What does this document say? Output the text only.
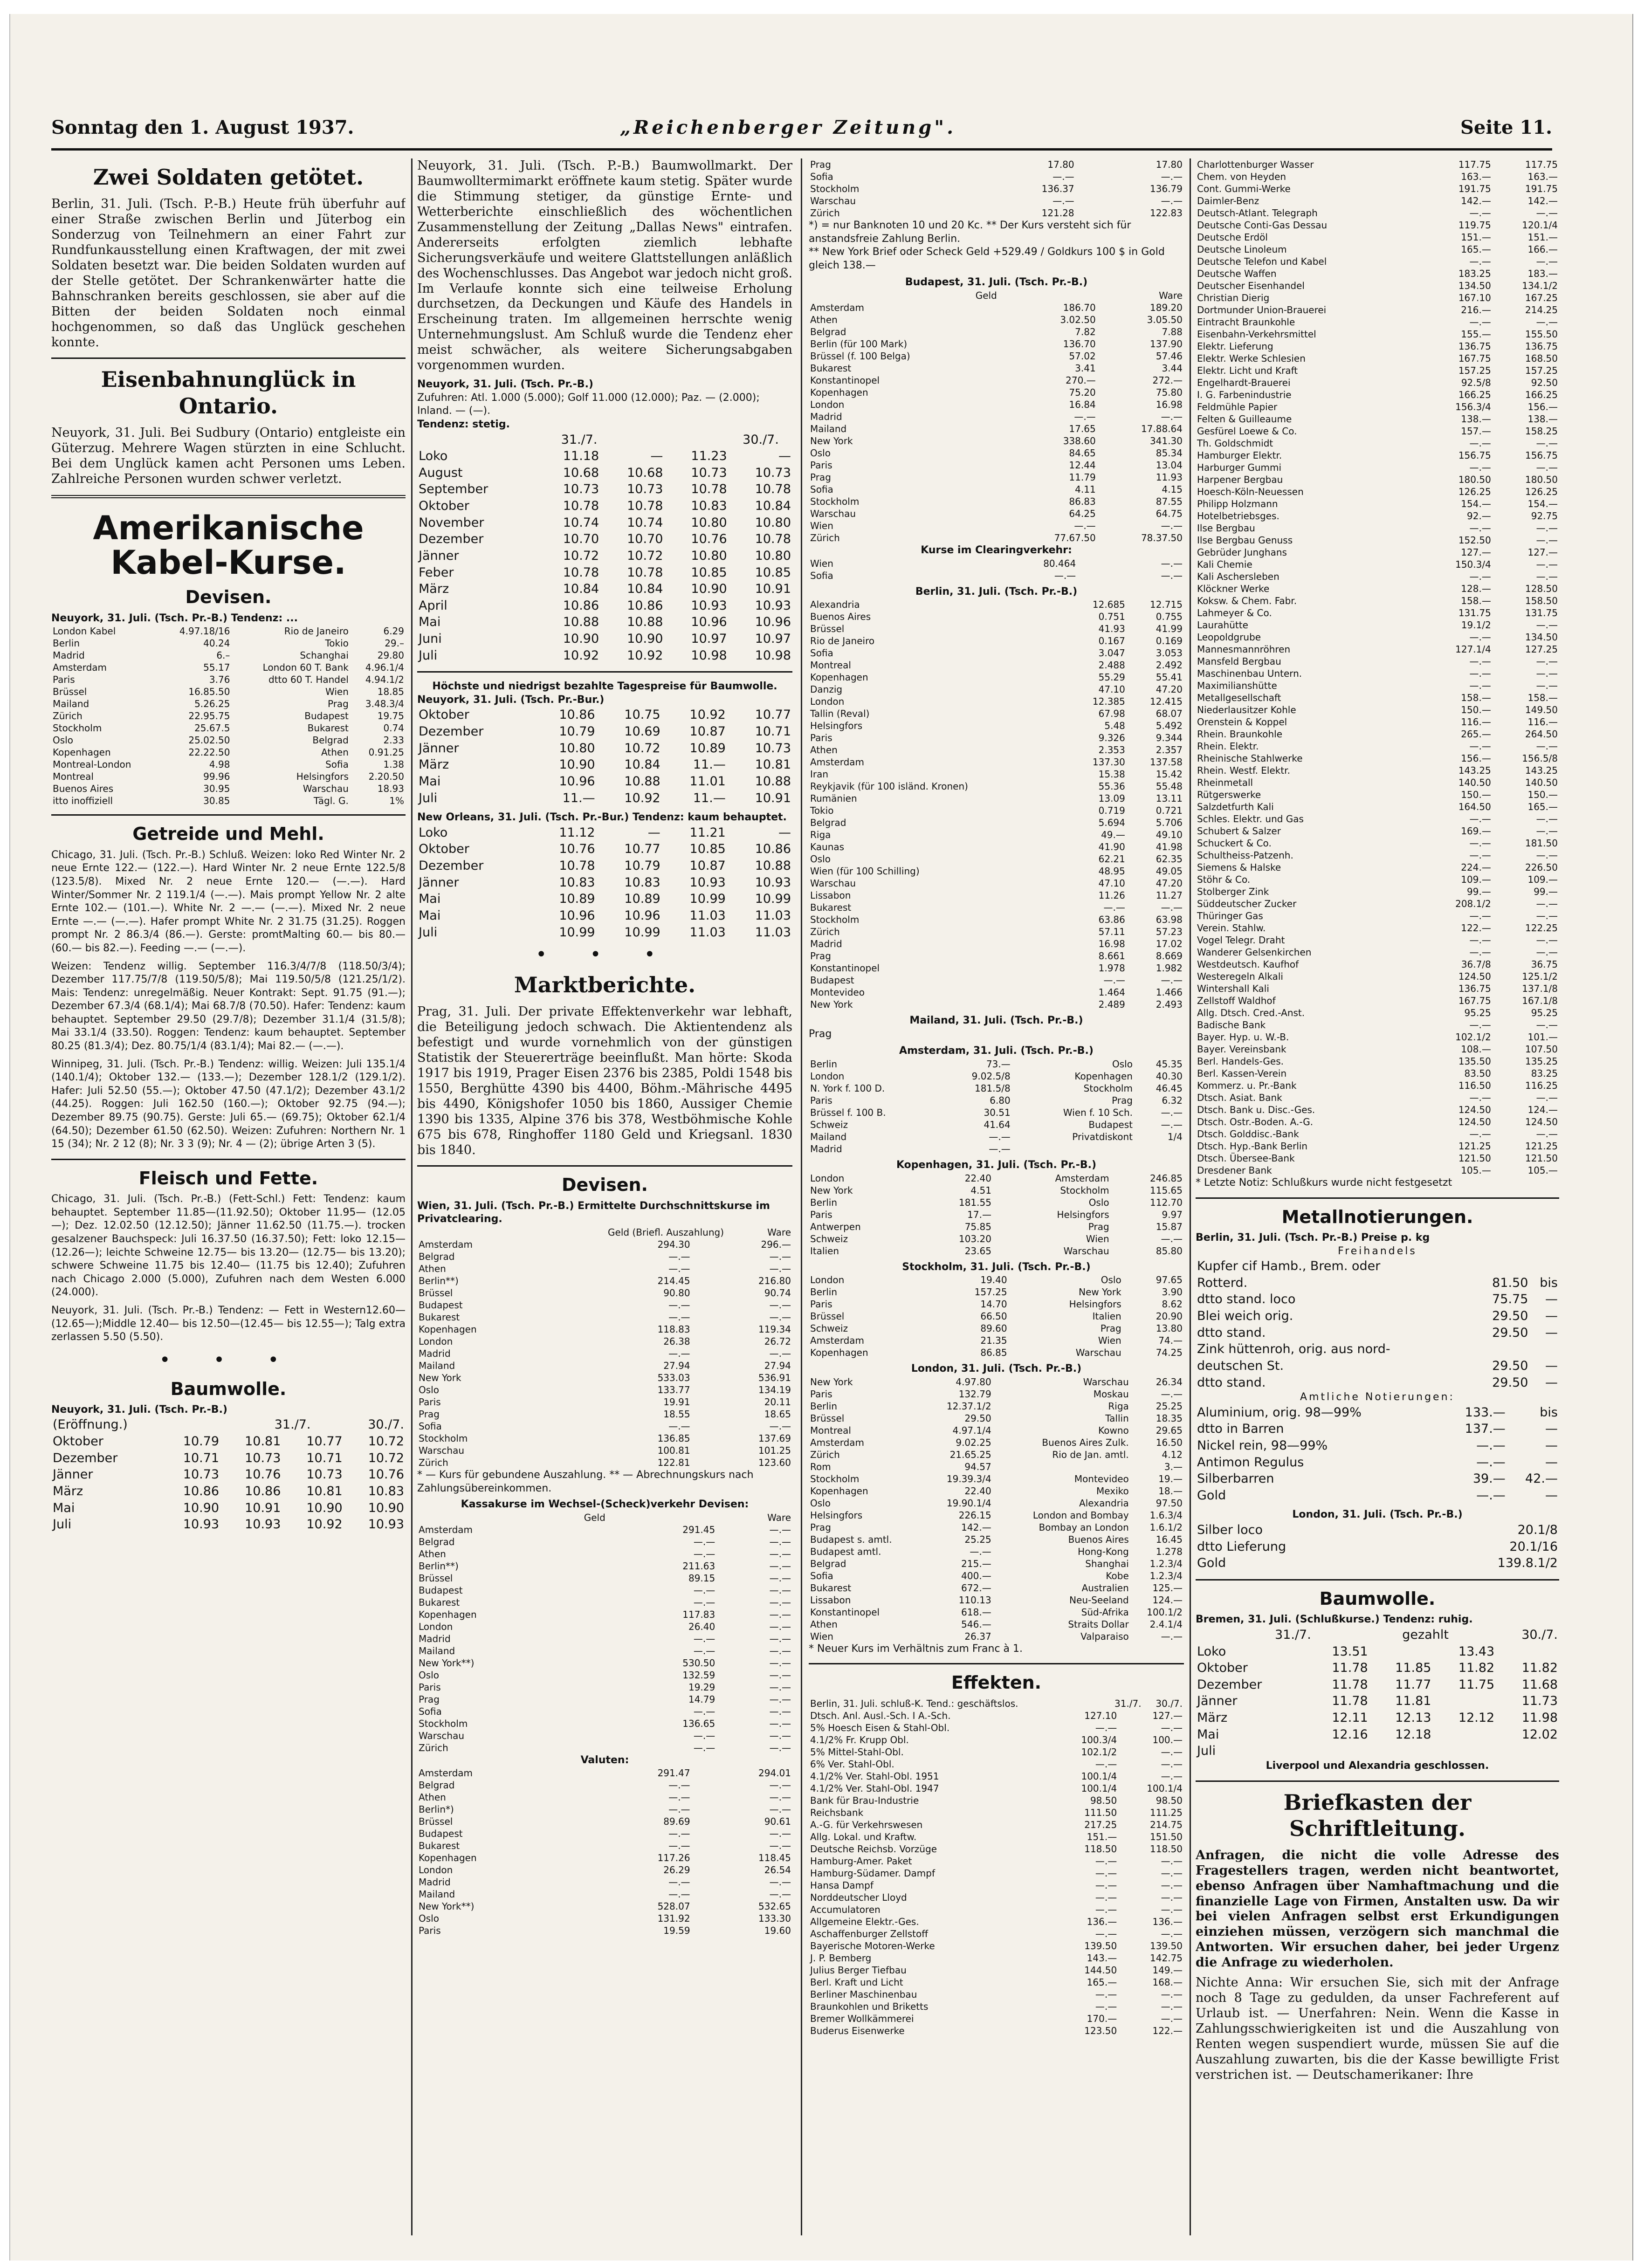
Sonntag den 1. August 1937.	„Reichenberger Zeitung".	Seite 11.
Zwei Soldaten getötet.

Berlin, 31. Juli. (Tsch. P.-B.) Heute früh überfuhr auf einer Straße zwischen Berlin und Jüterbog ein Sonderzug von Teilnehmern an einer Fahrt zur Rundfunkausstellung einen Kraftwagen, der mit zwei Soldaten besetzt war. Die beiden Soldaten wurden auf der Stelle getötet. Der Schrankenwärter hatte die Bahnschranken bereits geschlossen, sie aber auf die Bitten der beiden Soldaten noch einmal hochgenommen, so daß das Unglück geschehen konnte.

Eisenbahnunglück in Ontario.

Neuyork, 31. Juli. Bei Sudbury (Ontario) entgleiste ein Güterzug. Mehrere Wagen stürzten in eine Schlucht. Bei dem Unglück kamen acht Personen ums Leben. Zahlreiche Personen wurden schwer verletzt.

Amerikanische Kabel-Kurse.
Devisen.
Neuyork, 31. Juli. (Tsch. Pr.-B.) Tendenz: ...
London Kabel	4.97.18/16	Rio de Janeiro	6.29
Berlin	40.24	Tokio	29.–
Madrid	6.–	Schanghai	29.80
Amsterdam	55.17	London 60 T. Bank	4.96.1/4
Paris	3.76	dtto 60 T. Handel	4.94.1/2
Brüssel	16.85.50	Wien	18.85
Mailand	5.26.25	Prag	3.48.3/4
Zürich	22.95.75	Budapest	19.75
Stockholm	25.67.5	Bukarest	0.74
Oslo	25.02.50	Belgrad	2.33
Kopenhagen	22.22.50	Athen	0.91.25
Montreal-London	4.98	Sofia	1.38
Montreal	99.96	Helsingfors	2.20.50
Buenos Aires	30.95	Warschau	18.93
itto inoffiziell	30.85	Tägl. G.	1%
Getreide und Mehl.

Chicago, 31. Juli. (Tsch. Pr.-B.) Schluß. Weizen: loko Red Winter Nr. 2 neue Ernte 122.— (122.—). Hard Winter Nr. 2 neue Ernte 122.5/8 (123.5/8). Mixed Nr. 2 neue Ernte 120.— (—.—). Hard Winter/Sommer Nr. 2 119.1/4 (—.—). Mais prompt Yellow Nr. 2 alte Ernte 102.— (101.—). White Nr. 2 —.— (—.—). Mixed Nr. 2 neue Ernte —.— (—.—). Hafer prompt White Nr. 2 31.75 (31.25). Roggen prompt Nr. 2 86.3/4 (86.—). Gerste: promtMalting 60.— bis 80.— (60.— bis 82.—). Feeding —.— (—.—).

Weizen: Tendenz willig. September 116.3/4/7/8 (118.50/3/4); Dezember 117.75/7/8 (119.50/5/8); Mai 119.50/5/8 (121.25/1/2). Mais: Tendenz: unregelmäßig. Neuer Kontrakt: Sept. 91.75 (91.—); Dezember 67.3/4 (68.1/4); Mai 68.7/8 (70.50). Hafer: Tendenz: kaum behauptet. September 29.50 (29.7/8); Dezember 31.1/4 (31.5/8); Mai 33.1/4 (33.50). Roggen: Tendenz: kaum behauptet. September 80.25 (81.3/4); Dez. 80.75/1/4 (83.1/4); Mai 82.— (—.—).

Winnipeg, 31. Juli. (Tsch. Pr.-B.) Tendenz: willig. Weizen: Juli 135.1/4 (140.1/4); Oktober 132.— (133.—); Dezember 128.1/2 (129.1/2). Hafer: Juli 52.50 (55.—); Oktober 47.50 (47.1/2); Dezember 43.1/2 (44.25). Roggen: Juli 162.50 (160.—); Oktober 92.75 (94.—); Dezember 89.75 (90.75). Gerste: Juli 65.— (69.75); Oktober 62.1/4 (64.50); Dezember 61.50 (62.50). Weizen: Zufuhren: Northern Nr. 1 15 (34); Nr. 2 12 (8); Nr. 3 3 (9); Nr. 4 — (2); übrige Arten 3 (5).

Fleisch und Fette.

Chicago, 31. Juli. (Tsch. Pr.-B.) (Fett-Schl.) Fett: Tendenz: kaum behauptet. September 11.85—(11.92.50); Oktober 11.95— (12.05—); Dez. 12.02.50 (12.12.50); Jänner 11.62.50 (11.75.—). trocken gesalzener Bauchspeck: Juli 16.37.50 (16.37.50); Fett: loko 12.15— (12.26—); leichte Schweine 12.75— bis 13.20— (12.75— bis 13.20); schwere Schweine 11.75 bis 12.40— (11.75 bis 12.40); Zufuhren nach Chicago 2.000 (5.000), Zufuhren nach dem Westen 6.000 (24.000).

Neuyork, 31. Juli. (Tsch. Pr.-B.) Tendenz: — Fett in Western12.60—(12.65—);Middle 12.40— bis 12.50—(12.45— bis 12.55—); Talg extra zerlassen 5.50 (5.50).

• • •
Baumwolle.
Neuyork, 31. Juli. (Tsch. Pr.-B.)
(Eröffnung.)	31./7.		30./7.
Oktober	10.79	10.81	10.77	10.72
Dezember	10.71	10.73	10.71	10.72
Jänner	10.73	10.76	10.73	10.76
März	10.86	10.86	10.81	10.83
Mai	10.90	10.91	10.90	10.90
Juli	10.93	10.93	10.92	10.93

Neuyork, 31. Juli. (Tsch. P.-B.) Baumwollmarkt. Der Baumwolltermimarkt eröffnete kaum stetig. Später wurde die Stimmung stetiger, da günstige Ernte- und Wetterberichte einschließlich des wöchentlichen Zusammenstellung der Zeitung „Dallas News" eintrafen. Andererseits erfolgten ziemlich lebhafte Sicherungsverkäufe und weitere Glattstellungen anläßlich des Wochenschlusses. Das Angebot war jedoch nicht groß. Im Verlaufe konnte sich eine teilweise Erholung durchsetzen, da Deckungen und Käufe des Handels in Erscheinung traten. Im allgemeinen herrschte wenig Unternehmungslust. Am Schluß wurde die Tendenz eher meist schwächer, als weitere Sicherungsabgaben vorgenommen wurden.

Neuyork, 31. Juli. (Tsch. Pr.-B.)
Zufuhren: Atl. 1.000 (5.000); Golf 11.000 (12.000); Paz. — (2.000); Inland. — (—).
Tendenz: stetig.
	31./7.		30./7.	
Loko	11.18	—	11.23	—
August	10.68	10.68	10.73	10.73
September	10.73	10.73	10.78	10.78
Oktober	10.78	10.78	10.83	10.84
November	10.74	10.74	10.80	10.80
Dezember	10.70	10.70	10.76	10.78
Jänner	10.72	10.72	10.80	10.80
Feber	10.78	10.78	10.85	10.85
März	10.84	10.84	10.90	10.91
April	10.86	10.86	10.93	10.93
Mai	10.88	10.88	10.96	10.96
Juni	10.90	10.90	10.97	10.97
Juli	10.92	10.92	10.98	10.98
Höchste und niedrigst bezahlte Tagespreise für Baumwolle.
Neuyork, 31. Juli. (Tsch. Pr.-Bur.)
Oktober	10.86	10.75	10.92	10.77
Dezember	10.79	10.69	10.87	10.71
Jänner	10.80	10.72	10.89	10.73
März	10.90	10.84	11.—	10.81
Mai	10.96	10.88	11.01	10.88
Juli	11.—	10.92	11.—	10.91
New Orleans, 31. Juli. (Tsch. Pr.-Bur.) Tendenz: kaum behauptet.
Loko	11.12	—	11.21	—
Oktober	10.76	10.77	10.85	10.86
Dezember	10.78	10.79	10.87	10.88
Jänner	10.83	10.83	10.93	10.93
Mai	10.89	10.89	10.99	10.99
Mai	10.96	10.96	11.03	11.03
Juli	10.99	10.99	11.03	11.03
• • •
Marktberichte.

Prag, 31. Juli. Der private Effektenverkehr war lebhaft, die Beteiligung jedoch schwach. Die Aktientendenz als befestigt und wurde vornehmlich von der günstigen Statistik der Steuererträge beeinflußt. Man hörte: Skoda 1917 bis 1919, Prager Eisen 2376 bis 2385, Poldi 1548 bis 1550, Berghütte 4390 bis 4400, Böhm.-Mährische 4495 bis 4490, Königshofer 1050 bis 1860, Aussiger Chemie 1390 bis 1335, Alpine 376 bis 378, Westböhmische Kohle 675 bis 678, Ringhoffer 1180 Geld und Kriegsanl. 1830 bis 1840.

Devisen.
Wien, 31. Juli. (Tsch. Pr.-B.) Ermittelte Durchschnittskurse im Privatclearing.
	Geld (Briefl. Auszahlung)	Ware
Amsterdam	294.30	296.—
Belgrad	—.—	—.—
Athen	—.—	—.—
Berlin**)	214.45	216.80
Brüssel	90.80	90.74
Budapest	—.—	—.—
Bukarest	—.—	—.—
Kopenhagen	118.83	119.34
London	26.38	26.72
Madrid	—.—	—.—
Mailand	27.94	27.94
New York	533.03	536.91
Oslo	133.77	134.19
Paris	19.91	20.11
Prag	18.55	18.65
Sofia	—.—	—.—
Stockholm	136.85	137.69
Warschau	100.81	101.25
Zürich	122.81	123.60
* — Kurs für gebundene Auszahlung. ** — Abrechnungskurs nach Zahlungsübereinkommen.
Kassakurse im Wechsel-(Scheck)verkehr Devisen:
	Geld	Ware
Amsterdam	291.45	—.—
Belgrad	—.—	—.—
Athen	—.—	—.—
Berlin**)	211.63	—.—
Brüssel	89.15	—.—
Budapest	—.—	—.—
Bukarest	—.—	—.—
Kopenhagen	117.83	—.—
London	26.40	—.—
Madrid	—.—	—.—
Mailand	—.—	—.—
New York**)	530.50	—.—
Oslo	132.59	—.—
Paris	19.29	—.—
Prag	14.79	—.—
Sofia	—.—	—.—
Stockholm	136.65	—.—
Warschau	—.—	—.—
Zürich	—.—	—.—
Valuten:
Amsterdam	291.47	294.01
Belgrad	—.—	—.—
Athen	—.—	—.—
Berlin*)	—.—	—.—
Brüssel	89.69	90.61
Budapest	—.—	—.—
Bukarest	—.—	—.—
Kopenhagen	117.26	118.45
London	26.29	26.54
Madrid	—.—	—.—
Mailand	—.—	—.—
New York**)	528.07	532.65
Oslo	131.92	133.30
Paris	19.59	19.60
Prag	17.80	17.80
Sofia	—.—	—.—
Stockholm	136.37	136.79
Warschau	—.—	—.—
Zürich	121.28	122.83
*) = nur Banknoten 10 und 20 Kc. ** Der Kurs versteht sich für anstandsfreie Zahlung Berlin.
** New York Brief oder Scheck Geld +529.49 / Goldkurs 100 $ in Gold gleich 138.—
Budapest, 31. Juli. (Tsch. Pr.-B.)
	Geld	Ware
Amsterdam	186.70	189.20
Athen	3.02.50	3.05.50
Belgrad	7.82	7.88
Berlin (für 100 Mark)	136.70	137.90
Brüssel (f. 100 Belga)	57.02	57.46
Bukarest	3.41	3.44
Konstantinopel	270.—	272.—
Kopenhagen	75.20	75.80
London	16.84	16.98
Madrid	—.—	—.—
Mailand	17.65	17.88.64
New York	338.60	341.30
Oslo	84.65	85.34
Paris	12.44	13.04
Prag	11.79	11.93
Sofia	4.11	4.15
Stockholm	86.83	87.55
Warschau	64.25	64.75
Wien	—.—	—.—
Zürich	77.67.50	78.37.50
Kurse im Clearingverkehr:
Wien	80.464	—.—
Sofia	—.—	—.—
Berlin, 31. Juli. (Tsch. Pr.-B.)
Alexandria	12.685	12.715
Buenos Aires	0.751	0.755
Brüssel	41.93	41.99
Rio de Janeiro	0.167	0.169
Sofia	3.047	3.053
Montreal	2.488	2.492
Kopenhagen	55.29	55.41
Danzig	47.10	47.20
London	12.385	12.415
Tallin (Reval)	67.98	68.07
Helsingfors	5.48	5.492
Paris	9.326	9.344
Athen	2.353	2.357
Amsterdam	137.30	137.58
Iran	15.38	15.42
Reykjavik (für 100 isländ. Kronen)	55.36	55.48
Rumänien	13.09	13.11
Tokio	0.719	0.721
Belgrad	5.694	5.706
Riga	49.—	49.10
Kaunas	41.90	41.98
Oslo	62.21	62.35
Wien (für 100 Schilling)	48.95	49.05
Warschau	47.10	47.20
Lissabon	11.26	11.27
Bukarest	—.—	—.—
Stockholm	63.86	63.98
Zürich	57.11	57.23
Madrid	16.98	17.02
Prag	8.661	8.669
Konstantinopel	1.978	1.982
Budapest	—.—	—.—
Montevideo	1.464	1.466
New York	2.489	2.493
Mailand, 31. Juli. (Tsch. Pr.-B.)
Prag
Amsterdam, 31. Juli. (Tsch. Pr.-B.)
Berlin	73.—	Oslo	45.35
London	9.02.5/8	Kopenhagen	40.30
N. York f. 100 D.	181.5/8	Stockholm	46.45
Paris	6.80	Prag	6.32
Brüssel f. 100 B.	30.51	Wien f. 10 Sch.	—.—
Schweiz	41.64	Budapest	—.—
Mailand	—.—	Privatdiskont	1/4
Madrid	—.—		
Kopenhagen, 31. Juli. (Tsch. Pr.-B.)
London	22.40	Amsterdam	246.85
New York	4.51	Stockholm	115.65
Berlin	181.55	Oslo	112.70
Paris	17.—	Helsingfors	9.97
Antwerpen	75.85	Prag	15.87
Schweiz	103.20	Wien	—.—
Italien	23.65	Warschau	85.80
Stockholm, 31. Juli. (Tsch. Pr.-B.)
London	19.40	Oslo	97.65
Berlin	157.25	New York	3.90
Paris	14.70	Helsingfors	8.62
Brüssel	66.50	Italien	20.90
Schweiz	89.60	Prag	13.80
Amsterdam	21.35	Wien	74.—
Kopenhagen	86.85	Warschau	74.25
London, 31. Juli. (Tsch. Pr.-B.)
New York	4.97.80	Warschau	26.34
Paris	132.79	Moskau	—.—
Berlin	12.37.1/2	Riga	25.25
Brüssel	29.50	Tallin	18.35
Montreal	4.97.1/4	Kowno	29.65
Amsterdam	9.02.25	Buenos Aires Zulk.	16.50
Zürich	21.65.25	Rio de Jan. amtl.	4.12
Rom	94.57		3.—
Stockholm	19.39.3/4	Montevideo	19.—
Kopenhagen	22.40	Mexiko	18.—
Oslo	19.90.1/4	Alexandria	97.50
Helsingfors	226.15	London and Bombay	1.6.3/4
Prag	142.—	Bombay an London	1.6.1/2
Budapest s. amtl.	25.25	Buenos Aires	16.45
Budapest amtl.	—.—	Hong-Kong	1.278
Belgrad	215.—	Shanghai	1.2.3/4
Sofia	400.—	Kobe	1.2.3/4
Bukarest	672.—	Australien	125.—
Lissabon	110.13	Neu-Seeland	124.—
Konstantinopel	618.—	Süd-Afrika	100.1/2
Athen	546.—	Straits Dollar	2.4.1/4
Wien	26.37	Valparaiso	—.—
* Neuer Kurs im Verhältnis zum Franc à 1.
Effekten.
Berlin, 31. Juli. schluß-K. Tend.: geschäftslos.	31./7.	30./7.
Dtsch. Anl. Ausl.-Sch. I A.-Sch.	127.10	127.—
5% Hoesch Eisen & Stahl-Obl.	—.—	—.—
4.1/2% Fr. Krupp Obl.	100.3/4	100.—
5% Mittel-Stahl-Obl.	102.1/2	—.—
6% Ver. Stahl-Obl.	—.—	—.—
4.1/2% Ver. Stahl-Obl. 1951	100.1/4	—.—
4.1/2% Ver. Stahl-Obl. 1947	100.1/4	100.1/4
Bank für Brau-Industrie	98.50	98.50
Reichsbank	111.50	111.25
A.-G. für Verkehrswesen	217.25	214.75
Allg. Lokal. und Kraftw.	151.—	151.50
Deutsche Reichsb. Vorzüge	118.50	118.50
Hamburg-Amer. Paket	—.—	—.—
Hamburg-Südamer. Dampf	—.—	—.—
Hansa Dampf	—.—	—.—
Norddeutscher Lloyd	—.—	—.—
Accumulatoren	—.—	—.—
Allgemeine Elektr.-Ges.	136.—	136.—
Aschaffenburger Zellstoff	—.—	—.—
Bayerische Motoren-Werke	139.50	139.50
J. P. Bemberg	143.—	142.75
Julius Berger Tiefbau	144.50	149.—
Berl. Kraft und Licht	165.—	168.—
Berliner Maschinenbau	—.—	—.—
Braunkohlen und Briketts	—.—	—.—
Bremer Wollkämmerei	170.—	—.—
Buderus Eisenwerke	123.50	122.—
Charlottenburger Wasser	117.75	117.75
Chem. von Heyden	163.—	163.—
Cont. Gummi-Werke	191.75	191.75
Daimler-Benz	142.—	142.—
Deutsch-Atlant. Telegraph	—.—	—.—
Deutsche Conti-Gas Dessau	119.75	120.1/4
Deutsche Erdöl	151.—	151.—
Deutsche Linoleum	165.—	166.—
Deutsche Telefon und Kabel	—.—	—.—
Deutsche Waffen	183.25	183.—
Deutscher Eisenhandel	134.50	134.1/2
Christian Dierig	167.10	167.25
Dortmunder Union-Brauerei	216.—	214.25
Eintracht Braunkohle	—.—	—.—
Eisenbahn-Verkehrsmittel	155.—	155.50
Elektr. Lieferung	136.75	136.75
Elektr. Werke Schlesien	167.75	168.50
Elektr. Licht und Kraft	157.25	157.25
Engelhardt-Brauerei	92.5/8	92.50
I. G. Farbenindustrie	166.25	166.25
Feldmühle Papier	156.3/4	156.—
Felten & Guilleaume	138.—	138.—
Gesfürel Loewe & Co.	157.—	158.25
Th. Goldschmidt	—.—	—.—
Hamburger Elektr.	156.75	156.75
Harburger Gummi	—.—	—.—
Harpener Bergbau	180.50	180.50
Hoesch-Köln-Neuessen	126.25	126.25
Philipp Holzmann	154.—	154.—
Hotelbetriebsges.	92.—	92.75
Ilse Bergbau	—.—	—.—
Ilse Bergbau Genuss	152.50	—.—
Gebrüder Junghans	127.—	127.—
Kali Chemie	150.3/4	—.—
Kali Aschersleben	—.—	—.—
Klöckner Werke	128.—	128.50
Koksw. & Chem. Fabr.	158.—	158.50
Lahmeyer & Co.	131.75	131.75
Laurahütte	19.1/2	—.—
Leopoldgrube	—.—	134.50
Mannesmannröhren	127.1/4	127.25
Mansfeld Bergbau	—.—	—.—
Maschinenbau Untern.	—.—	—.—
Maximilianshütte	—.—	—.—
Metallgesellschaft	158.—	158.—
Niederlausitzer Kohle	150.—	149.50
Orenstein & Koppel	116.—	116.—
Rhein. Braunkohle	265.—	264.50
Rhein. Elektr.	—.—	—.—
Rheinische Stahlwerke	156.—	156.5/8
Rhein. Westf. Elektr.	143.25	143.25
Rheinmetall	140.50	140.50
Rütgerswerke	150.—	150.—
Salzdetfurth Kali	164.50	165.—
Schles. Elektr. und Gas	—.—	—.—
Schubert & Salzer	169.—	—.—
Schuckert & Co.	—.—	181.50
Schultheiss-Patzenh.	—.—	—.—
Siemens & Halske	224.—	226.50
Stöhr & Co.	109.—	109.—
Stolberger Zink	99.—	99.—
Süddeutscher Zucker	208.1/2	—.—
Thüringer Gas	—.—	—.—
Verein. Stahlw.	122.—	122.25
Vogel Telegr. Draht	—.—	—.—
Wanderer Gelsenkirchen	—.—	—.—
Westdeutsch. Kaufhof	36.7/8	36.75
Westeregeln Alkali	124.50	125.1/2
Wintershall Kali	136.75	137.1/8
Zellstoff Waldhof	167.75	167.1/8
Allg. Dtsch. Cred.-Anst.	95.25	95.25
Badische Bank	—.—	—.—
Bayer. Hyp. u. W.-B.	102.1/2	101.—
Bayer. Vereinsbank	108.—	107.50
Berl. Handels-Ges.	135.50	135.25
Berl. Kassen-Verein	83.50	83.25
Kommerz. u. Pr.-Bank	116.50	116.25
Dtsch. Asiat. Bank	—.—	—.—
Dtsch. Bank u. Disc.-Ges.	124.50	124.—
Dtsch. Ostr.-Boden. A.-G.	124.50	124.50
Dtsch. Golddisc.-Bank	—.—	—.—
Dtsch. Hyp.-Bank Berlin	121.25	121.25
Dtsch. Übersee-Bank	121.50	121.50
Dresdener Bank	105.—	105.—
* Letzte Notiz: Schlußkurs wurde nicht festgesetzt
Metallnotierungen.
Berlin, 31. Juli. (Tsch. Pr.-B.) Preise p. kg
Freihandels
Kupfer cif Hamb., Brem. oder		
Rotterd.	81.50	bis
dtto stand. loco	75.75	—
Blei weich orig.	29.50	—
dtto stand.	29.50	—
Zink hüttenroh, orig. aus nord-		
deutschen St.	29.50	—
dtto stand.	29.50	—
Amtliche Notierungen:
Aluminium, orig. 98—99%	133.—	bis
dtto in Barren	137.—	—
Nickel rein, 98—99%	—.—	—
Antimon Regulus	—.—	—
Silberbarren	39.—	42.—
Gold	—.—	—
London, 31. Juli. (Tsch. Pr.-B.)
Silber loco	20.1/8
dtto Lieferung	20.1/16
Gold	139.8.1/2
Baumwolle.
Bremen, 31. Juli. (Schlußkurse.) Tendenz: ruhig.
	31./7.	gezahlt	30./7.
Loko	13.51		13.43	
Oktober	11.78	11.85	11.82	11.82
Dezember	11.78	11.77	11.75	11.68
Jänner	11.78	11.81		11.73
März	12.11	12.13	12.12	11.98
Mai	12.16	12.18		12.02
Juli				
Liverpool und Alexandria geschlossen.
Briefkasten der Schriftleitung.

Anfragen, die nicht die volle Adresse des Fragestellers tragen, werden nicht beantwortet, ebenso Anfragen über Namhaftmachung und die finanzielle Lage von Firmen, Anstalten usw. Da wir bei vielen Anfragen selbst erst Erkundigungen einziehen müssen, verzögern sich manchmal die Antworten. Wir ersuchen daher, bei jeder Urgenz die Anfrage zu wiederholen.

Nichte Anna: Wir ersuchen Sie, sich mit der Anfrage noch 8 Tage zu gedulden, da unser Fachreferent auf Urlaub ist. — Unerfahren: Nein. Wenn die Kasse in Zahlungsschwierigkeiten ist und die Auszahlung von Renten wegen suspendiert wurde, müssen Sie auf die Auszahlung zuwarten, bis die der Kasse bewilligte Frist verstrichen ist. — Deutschamerikaner: Ihre
